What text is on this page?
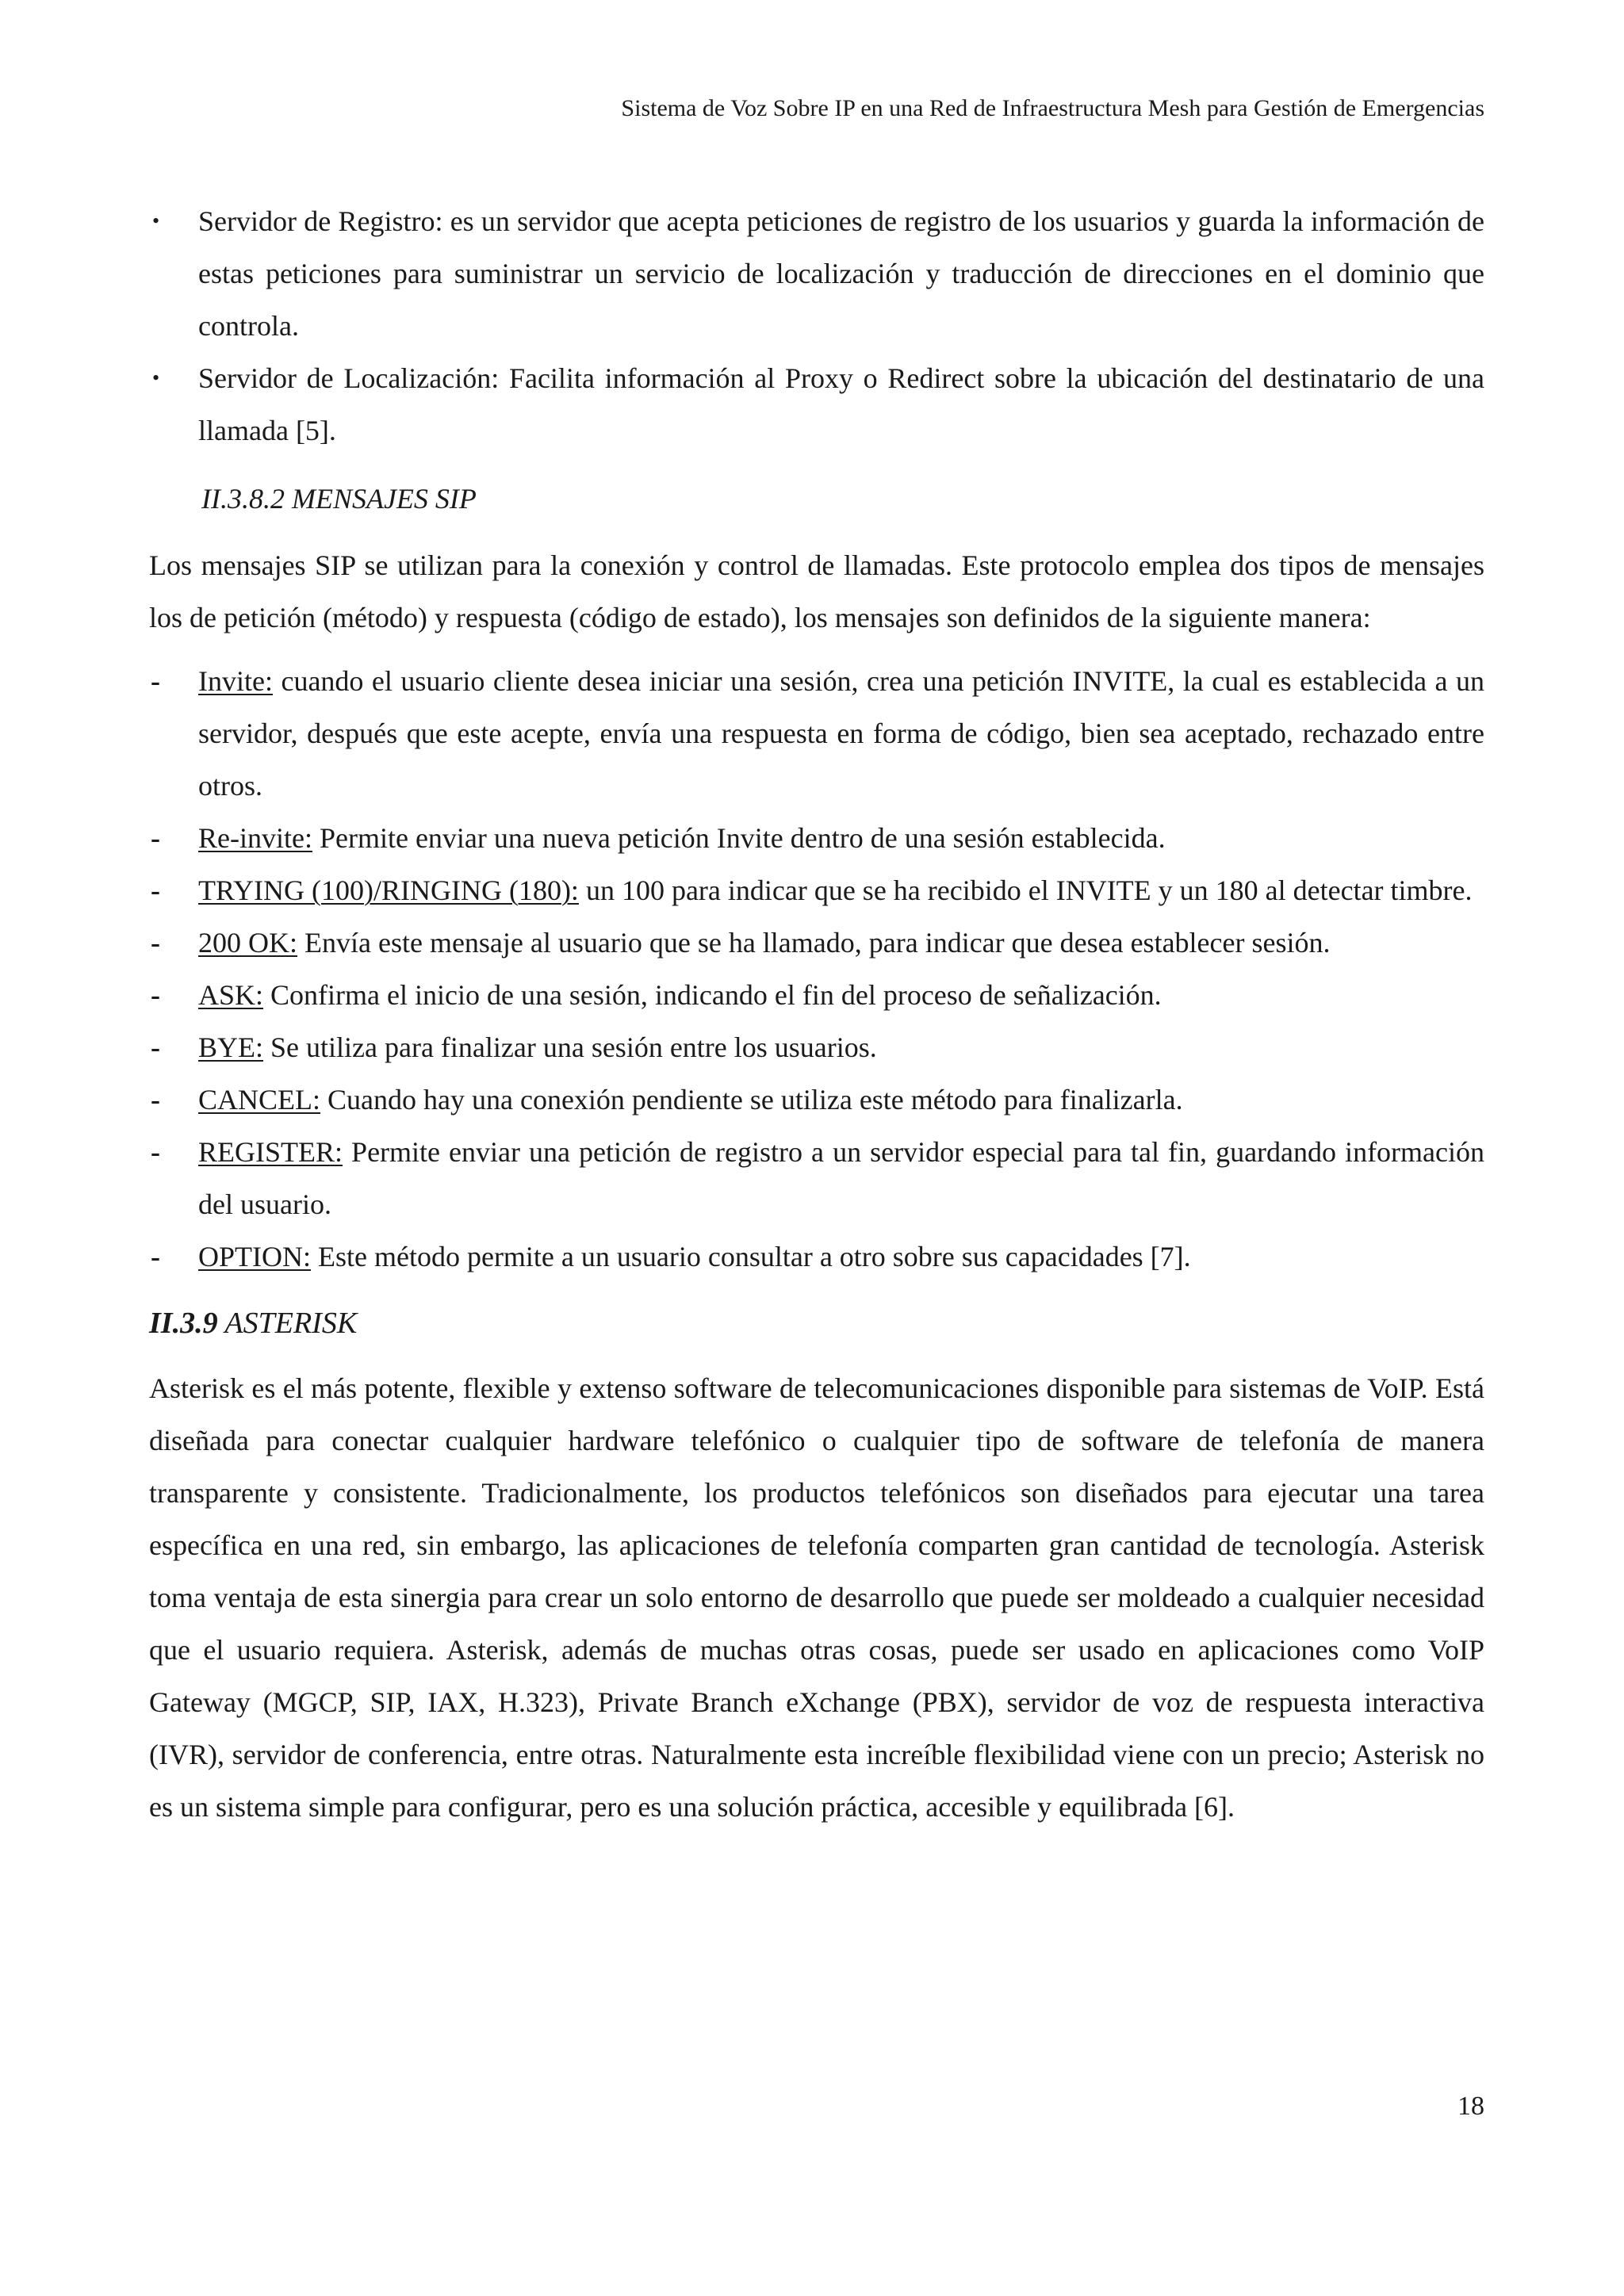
Sistema de Voz Sobre IP en una Red de Infraestructura Mesh para Gestión de Emergencias
• Servidor de Registro: es un servidor que acepta peticiones de registro de los usuarios y guarda la información de estas peticiones para suministrar un servicio de localización y traducción de direcciones en el dominio que controla.
• Servidor de Localización: Facilita información al Proxy o Redirect sobre la ubicación del destinatario de una llamada [5].
II.3.8.2 MENSAJES SIP

Los mensajes SIP se utilizan para la conexión y control de llamadas. Este protocolo emplea dos tipos de mensajes los de petición (método) y respuesta (código de estado), los mensajes son definidos de la siguiente manera:

- Invite: cuando el usuario cliente desea iniciar una sesión, crea una petición INVITE, la cual es establecida a un servidor, después que este acepte, envía una respuesta en forma de código, bien sea aceptado, rechazado entre otros.
- Re-invite: Permite enviar una nueva petición Invite dentro de una sesión establecida.
- TRYING (100)/RINGING (180): un 100 para indicar que se ha recibido el INVITE y un 180 al detectar timbre.
- 200 OK: Envía este mensaje al usuario que se ha llamado, para indicar que desea establecer sesión.
- ASK: Confirma el inicio de una sesión, indicando el fin del proceso de señalización.
- BYE: Se utiliza para finalizar una sesión entre los usuarios.
- CANCEL: Cuando hay una conexión pendiente se utiliza este método para finalizarla.
- REGISTER: Permite enviar una petición de registro a un servidor especial para tal fin, guardando información del usuario.
- OPTION: Este método permite a un usuario consultar a otro sobre sus capacidades [7].
II.3.9 ASTERISK

Asterisk es el más potente, flexible y extenso software de telecomunicaciones disponible para sistemas de VoIP. Está diseñada para conectar cualquier hardware telefónico o cualquier tipo de software de telefonía de manera transparente y consistente. Tradicionalmente, los productos telefónicos son diseñados para ejecutar una tarea específica en una red, sin embargo, las aplicaciones de telefonía comparten gran cantidad de tecnología. Asterisk toma ventaja de esta sinergia para crear un solo entorno de desarrollo que puede ser moldeado a cualquier necesidad que el usuario requiera. Asterisk, además de muchas otras cosas, puede ser usado en aplicaciones como VoIP Gateway (MGCP, SIP, IAX, H.323), Private Branch eXchange (PBX), servidor de voz de respuesta interactiva (IVR), servidor de conferencia, entre otras. Naturalmente esta increíble flexibilidad viene con un precio; Asterisk no es un sistema simple para configurar, pero es una solución práctica, accesible y equilibrada [6].

18
